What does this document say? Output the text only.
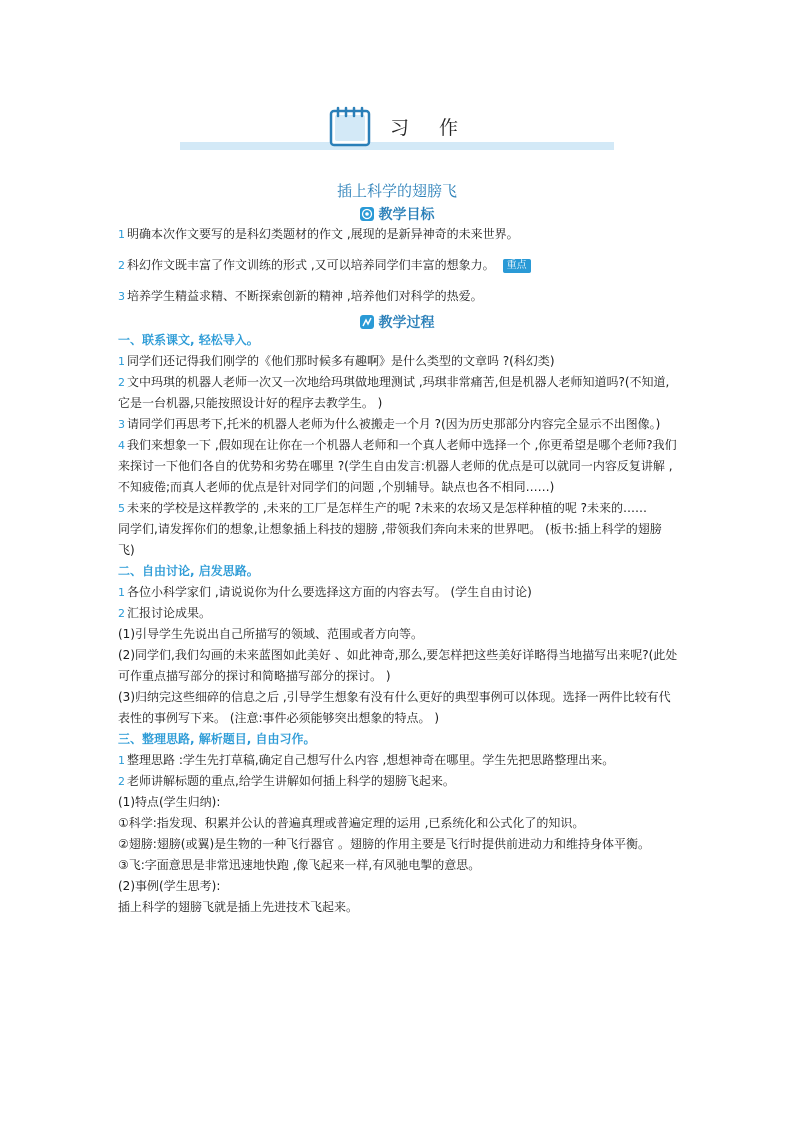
习作
插上科学的翅膀飞
教学目标

1 明确本次作文要写的是科幻类题材的作文 ,展现的是新异神奇的未来世界。

2 科幻作文既丰富了作文训练的形式 ,又可以培养同学们丰富的想象力。 重点

3 培养学生精益求精、不断探索创新的精神 ,培养他们对科学的热爱。

教学过程

一、联系课文, 轻松导入。

1 同学们还记得我们刚学的《他们那时候多有趣啊》是什么类型的文章吗 ?(科幻类)

2 文中玛琪的机器人老师一次又一次地给玛琪做地理测试 ,玛琪非常痛苦,但是机器人老师知道吗?(不知道,它是一台机器,只能按照设计好的程序去教学生。 )

3 请同学们再思考下,托米的机器人老师为什么被搬走一个月 ?(因为历史那部分内容完全显示不出图像。)

4 我们来想象一下 ,假如现在让你在一个机器人老师和一个真人老师中选择一个 ,你更希望是哪个老师?我们来探讨一下他们各自的优势和劣势在哪里 ?(学生自由发言:机器人老师的优点是可以就同一内容反复讲解 ,不知疲倦;而真人老师的优点是针对同学们的问题 ,个别辅导。缺点也各不相同……)

5 未来的学校是这样教学的 ,未来的工厂是怎样生产的呢 ?未来的农场又是怎样种植的呢 ?未来的……

同学们,请发挥你们的想象,让想象插上科技的翅膀 ,带领我们奔向未来的世界吧。 (板书:插上科学的翅膀飞)

二、自由讨论, 启发思路。

1 各位小科学家们 ,请说说你为什么要选择这方面的内容去写。 (学生自由讨论)

2 汇报讨论成果。

(1)引导学生先说出自己所描写的领域、范围或者方向等。

(2)同学们,我们勾画的未来蓝图如此美好 、如此神奇,那么,要怎样把这些美好详略得当地描写出来呢?(此处可作重点描写部分的探讨和简略描写部分的探讨。 )

(3)归纳完这些细碎的信息之后 ,引导学生想象有没有什么更好的典型事例可以体现。选择一两件比较有代表性的事例写下来。 (注意:事件必须能够突出想象的特点。 )

三、整理思路, 解析题目, 自由习作。

1 整理思路 :学生先打草稿,确定自己想写什么内容 ,想想神奇在哪里。学生先把思路整理出来。

2 老师讲解标题的重点,给学生讲解如何插上科学的翅膀飞起来。

(1)特点(学生归纳):

①科学:指发现、积累并公认的普遍真理或普遍定理的运用 ,已系统化和公式化了的知识。

②翅膀:翅膀(或翼)是生物的一种飞行器官 。翅膀的作用主要是飞行时提供前进动力和维持身体平衡。

③飞:字面意思是非常迅速地快跑 ,像飞起来一样,有风驰电掣的意思。

(2)事例(学生思考):

插上科学的翅膀飞就是插上先进技术飞起来。
